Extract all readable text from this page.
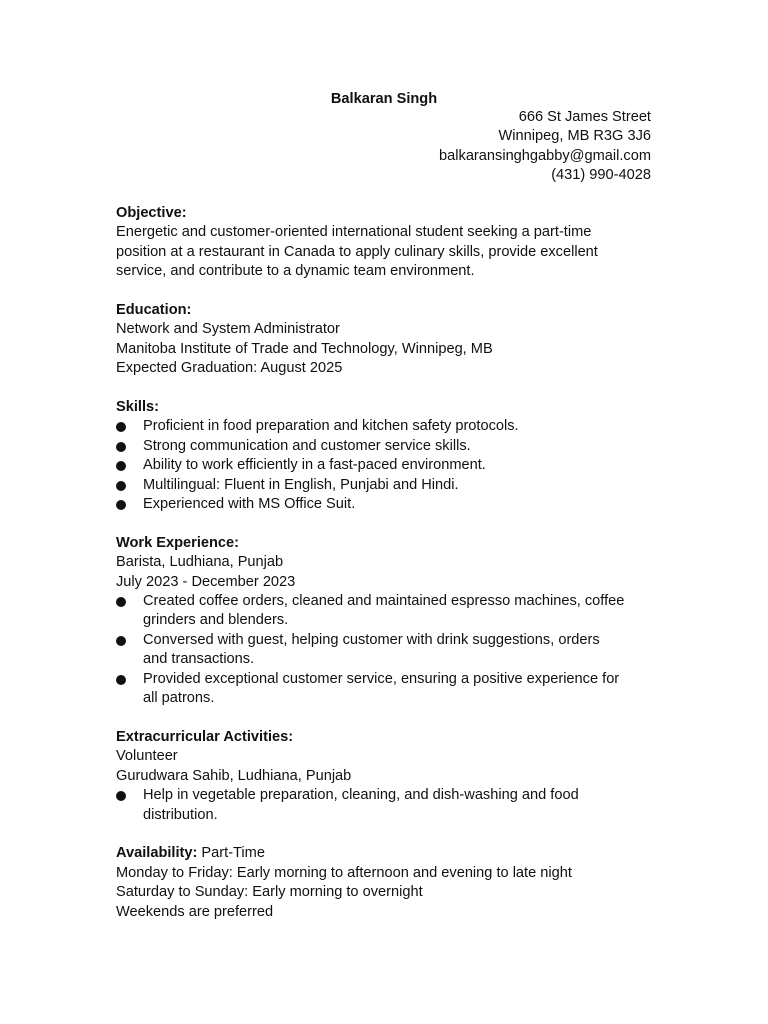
Balkaran Singh
666 St James Street
Winnipeg, MB R3G 3J6
balkaransinghgabby@gmail.com
(431) 990-4028
Objective:
Energetic and customer-oriented international student seeking a part-time
position at a restaurant in Canada to apply culinary skills, provide excellent
service, and contribute to a dynamic team environment.
Education:
Network and System Administrator
Manitoba Institute of Trade and Technology, Winnipeg, MB
Expected Graduation: August 2025
Skills:
Proficient in food preparation and kitchen safety protocols.
Strong communication and customer service skills.
Ability to work efficiently in a fast-paced environment.
Multilingual: Fluent in English, Punjabi and Hindi.
Experienced with MS Office Suit.
Work Experience:
Barista, Ludhiana, Punjab
July 2023 - December 2023
Created coffee orders, cleaned and maintained espresso machines, coffee
grinders and blenders.
Conversed with guest, helping customer with drink suggestions, orders
and transactions.
Provided exceptional customer service, ensuring a positive experience for
all patrons.
Extracurricular Activities:
Volunteer
Gurudwara Sahib, Ludhiana, Punjab
Help in vegetable preparation, cleaning, and dish-washing and food
distribution.
Availability: Part-Time
Monday to Friday: Early morning to afternoon and evening to late night
Saturday to Sunday: Early morning to overnight
Weekends are preferred
